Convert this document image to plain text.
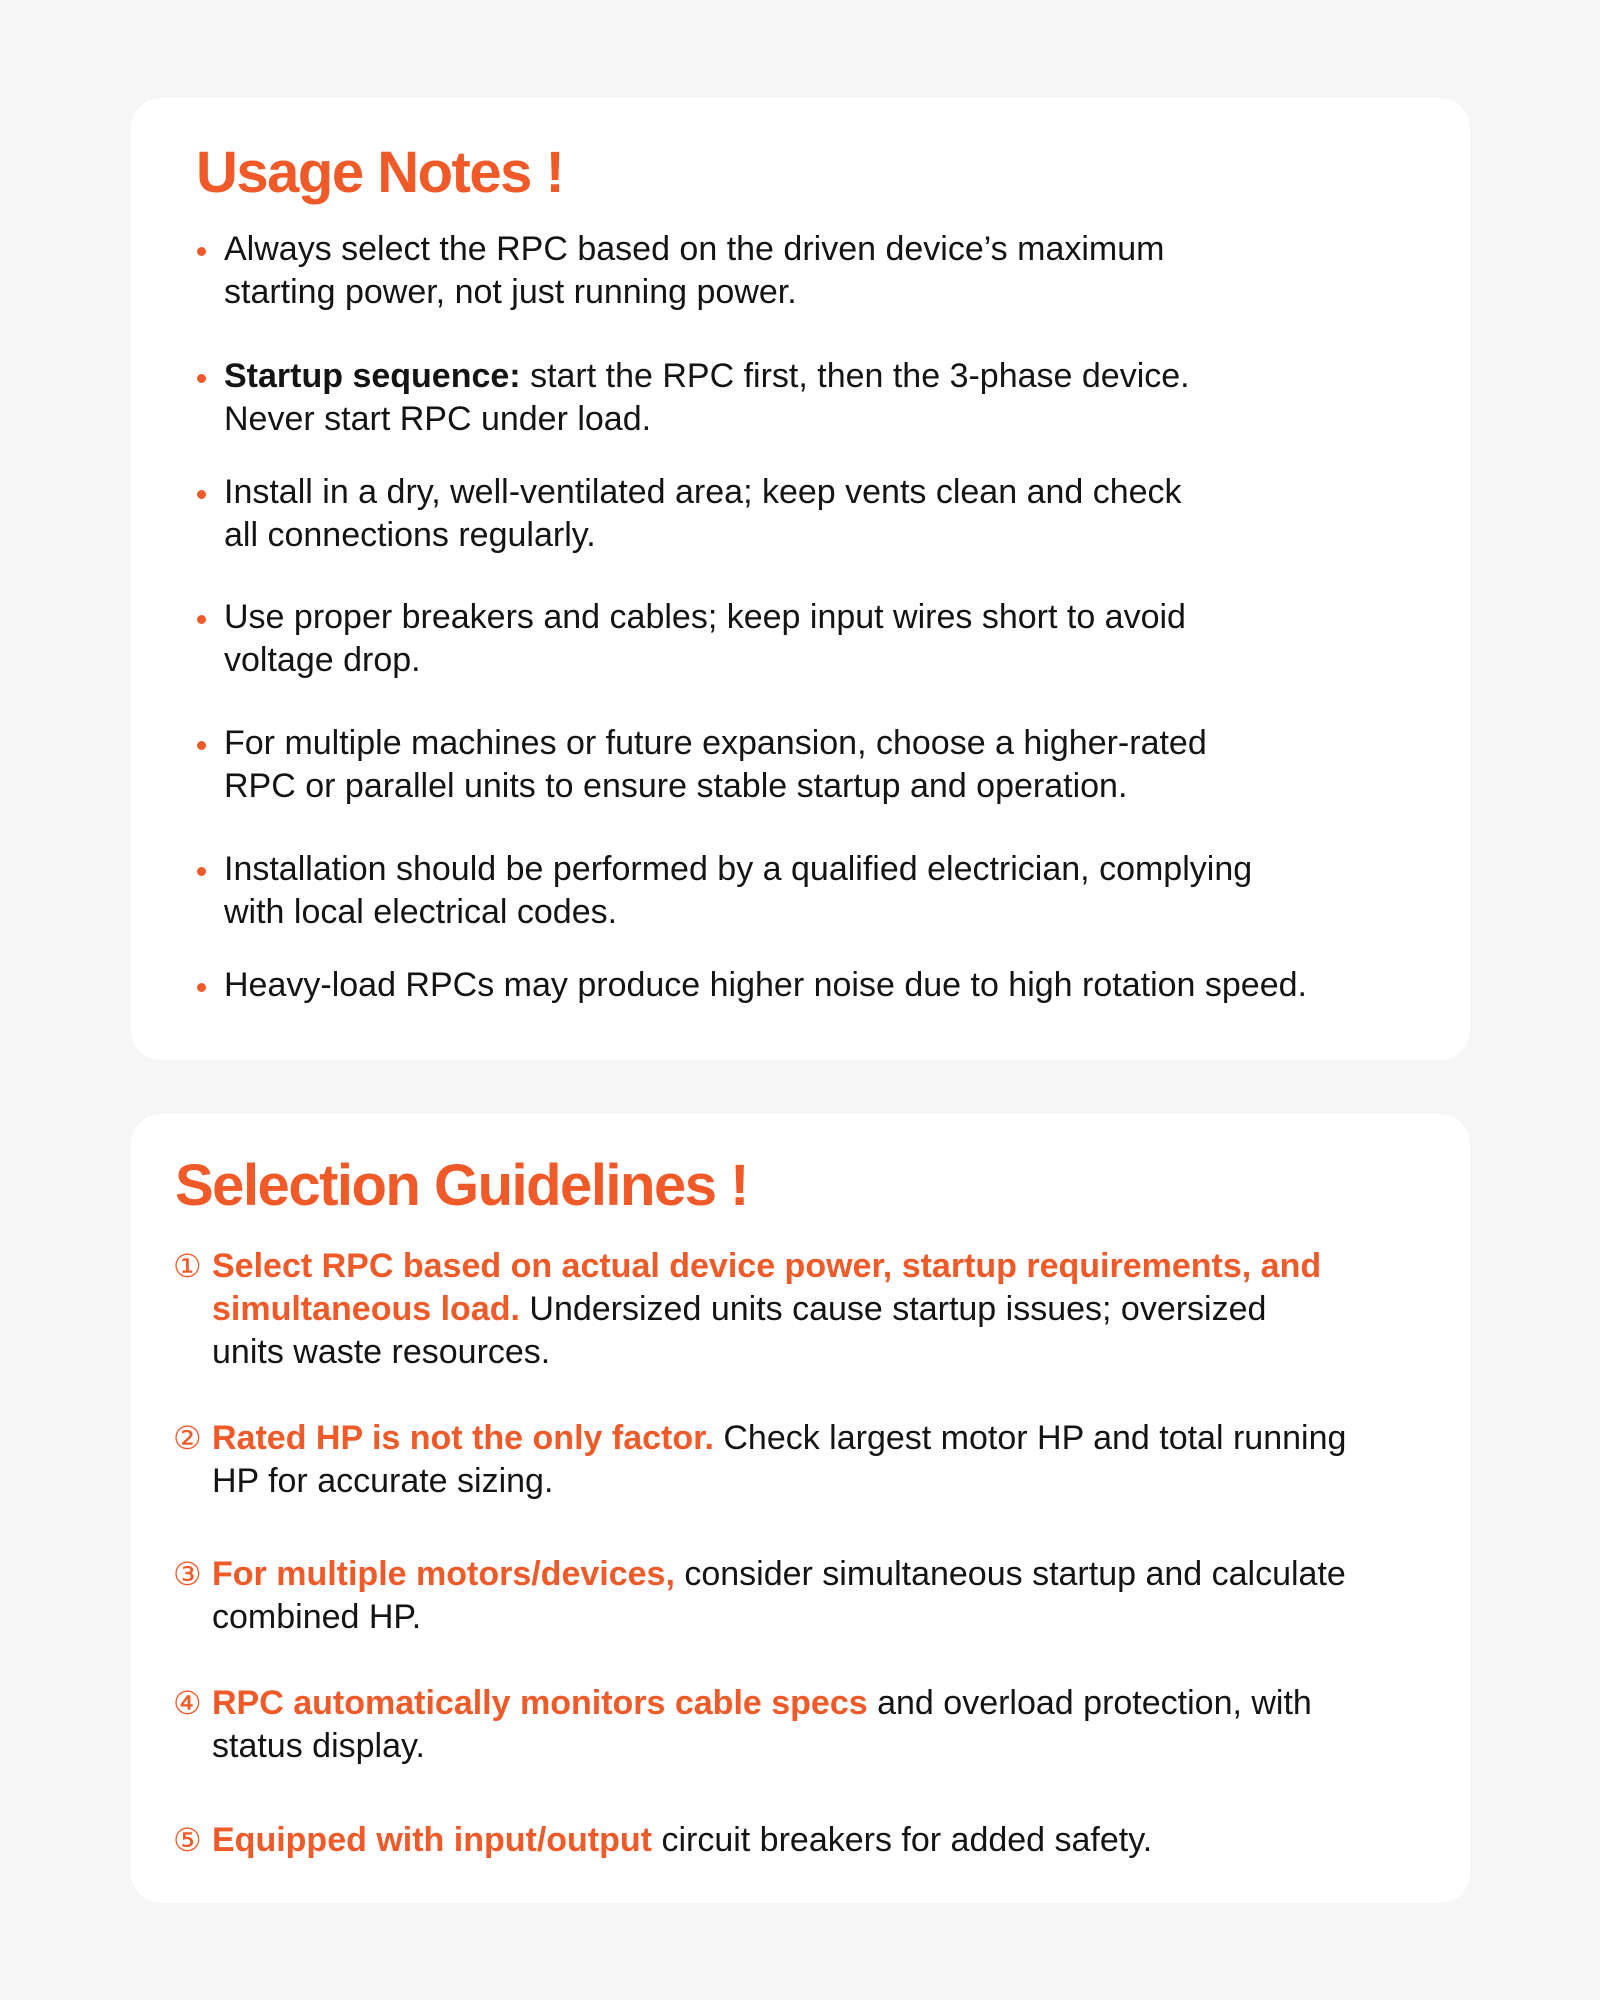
Usage Notes !
Always select the RPC based on the driven device’s maximum
starting power, not just running power.
Startup sequence: start the RPC first, then the 3-phase device.
Never start RPC under load.
Install in a dry, well-ventilated area; keep vents clean and check
all connections regularly.
Use proper breakers and cables; keep input wires short to avoid
voltage drop.
For multiple machines or future expansion, choose a higher-rated
RPC or parallel units to ensure stable startup and operation.
Installation should be performed by a qualified electrician, complying
with local electrical codes.
Heavy-load RPCs may produce higher noise due to high rotation speed.
Selection Guidelines !
① Select RPC based on actual device power, startup requirements, and
simultaneous load. Undersized units cause startup issues; oversized
units waste resources.
② Rated HP is not the only factor. Check largest motor HP and total running
HP for accurate sizing.
③ For multiple motors/devices, consider simultaneous startup and calculate
combined HP.
④ RPC automatically monitors cable specs and overload protection, with
status display.
⑤ Equipped with input/output circuit breakers for added safety.
